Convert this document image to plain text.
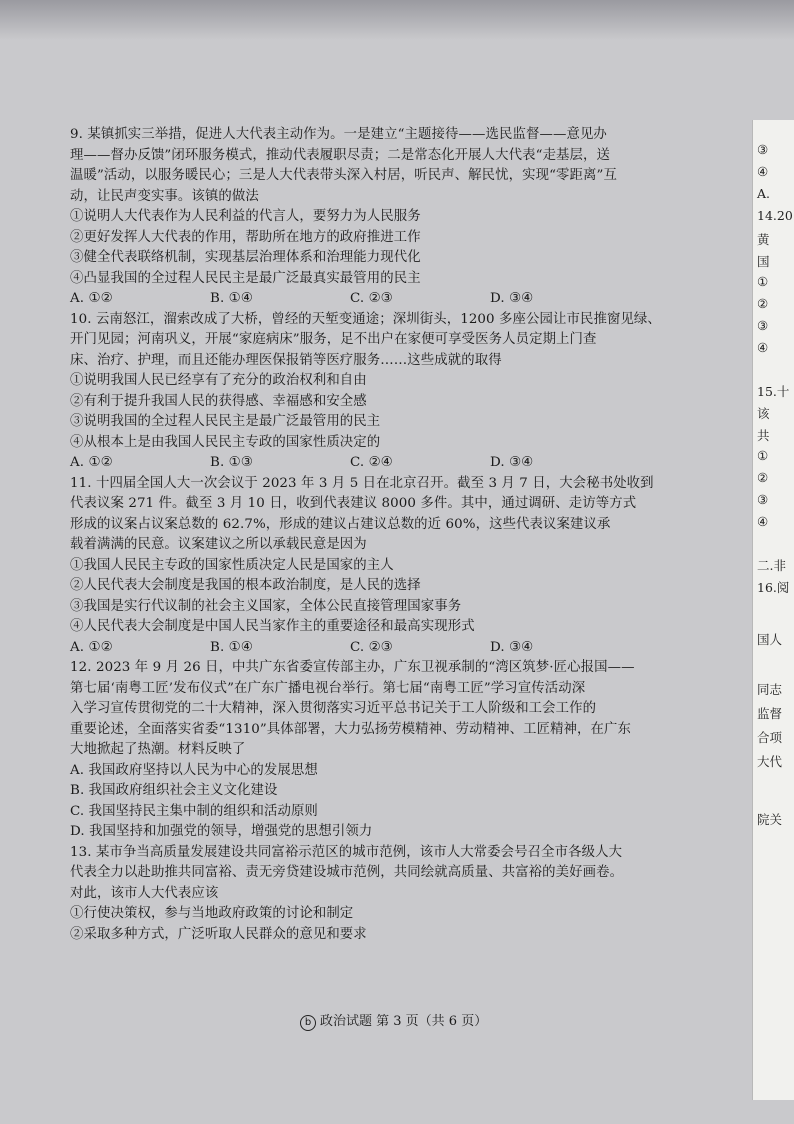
③
④
A.
14.20
黄
国
①
②
③
④
15.十
该
共
①
②
③
④
二.非
16.阅
国人
同志
监督
合项
大代
院关
9. 某镇抓实三举措，促进人大代表主动作为。一是建立“主题接待——选民监督——意见办
理——督办反馈”闭环服务模式，推动代表履职尽责；二是常态化开展人大代表“走基层，送
温暖”活动，以服务暖民心；三是人大代表带头深入村居，听民声、解民忧，实现“零距离”互
动，让民声变实事。该镇的做法
①说明人大代表作为人民利益的代言人，要努力为人民服务
②更好发挥人大代表的作用，帮助所在地方的政府推进工作
③健全代表联络机制，实现基层治理体系和治理能力现代化
④凸显我国的全过程人民民主是最广泛最真实最管用的民主
A. ①②	B. ①④	C. ②③	D. ③④
10. 云南怒江，溜索改成了大桥，曾经的天堑变通途；深圳街头，1200 多座公园让市民推窗见绿、
开门见园；河南巩义，开展“家庭病床”服务，足不出户在家便可享受医务人员定期上门查
床、治疗、护理，而且还能办理医保报销等医疗服务……这些成就的取得
①说明我国人民已经享有了充分的政治权利和自由
②有利于提升我国人民的获得感、幸福感和安全感
③说明我国的全过程人民民主是最广泛最管用的民主
④从根本上是由我国人民民主专政的国家性质决定的
A. ①②	B. ①③	C. ②④	D. ③④
11. 十四届全国人大一次会议于 2023 年 3 月 5 日在北京召开。截至 3 月 7 日，大会秘书处收到
代表议案 271 件。截至 3 月 10 日，收到代表建议 8000 多件。其中，通过调研、走访等方式
形成的议案占议案总数的 62.7%，形成的建议占建议总数的近 60%，这些代表议案建议承
载着满满的民意。议案建议之所以承载民意是因为
①我国人民民主专政的国家性质决定人民是国家的主人
②人民代表大会制度是我国的根本政治制度，是人民的选择
③我国是实行代议制的社会主义国家，全体公民直接管理国家事务
④人民代表大会制度是中国人民当家作主的重要途径和最高实现形式
A. ①②	B. ①④	C. ②③	D. ③④
12. 2023 年 9 月 26 日，中共广东省委宣传部主办，广东卫视承制的“湾区筑梦·匠心报国——
第七届‘南粤工匠’发布仪式”在广东广播电视台举行。第七届“南粤工匠”学习宣传活动深
入学习宣传贯彻党的二十大精神，深入贯彻落实习近平总书记关于工人阶级和工会工作的
重要论述，全面落实省委“1310”具体部署，大力弘扬劳模精神、劳动精神、工匠精神，在广东
大地掀起了热潮。材料反映了
A. 我国政府坚持以人民为中心的发展思想
B. 我国政府组织社会主义文化建设
C. 我国坚持民主集中制的组织和活动原则
D. 我国坚持和加强党的领导，增强党的思想引领力
13. 某市争当高质量发展建设共同富裕示范区的城市范例，该市人大常委会号召全市各级人大
代表全力以赴助推共同富裕、责无旁贷建设城市范例，共同绘就高质量、共富裕的美好画卷。
对此，该市人大代表应该
①行使决策权，参与当地政府政策的讨论和制定
②采取多种方式，广泛听取人民群众的意见和要求
b 政治试题 第 3 页（共 6 页）
